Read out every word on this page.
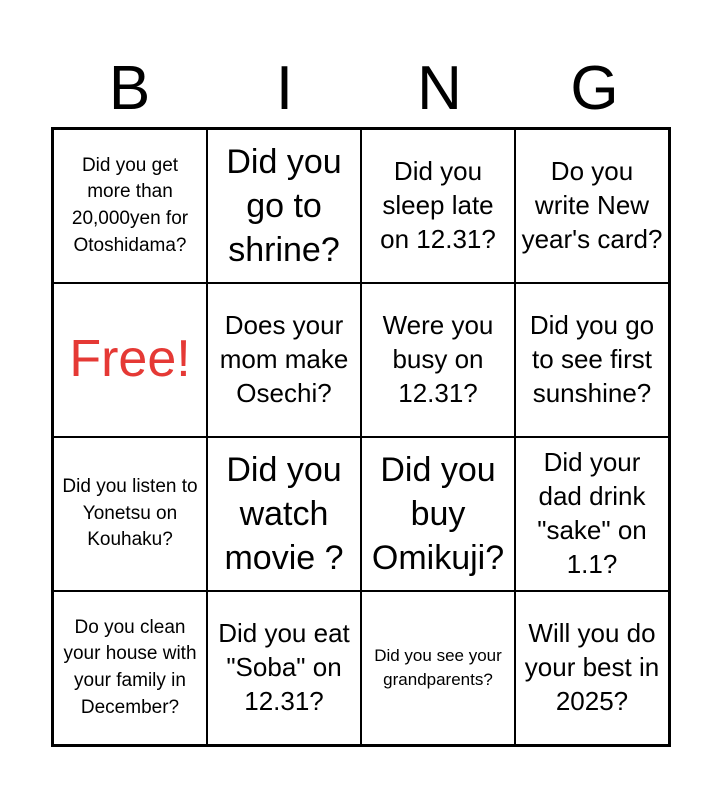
B	I	N	G
Did you get more than 20,000yen for Otoshidama?
Did you go to shrine?
Did you sleep late on 12.31?
Do you write New year's card?
Free!
Does your mom make Osechi?
Were you busy on 12.31?
Did you go to see first sunshine?
Did you listen to Yonetsu on Kouhaku?
Did you watch movie ?
Did you buy Omikuji?
Did your dad drink "sake" on 1.1?
Do you clean your house with your family in December?
Did you eat "Soba" on 12.31?
Did you see your grandparents?
Will you do your best in 2025?
